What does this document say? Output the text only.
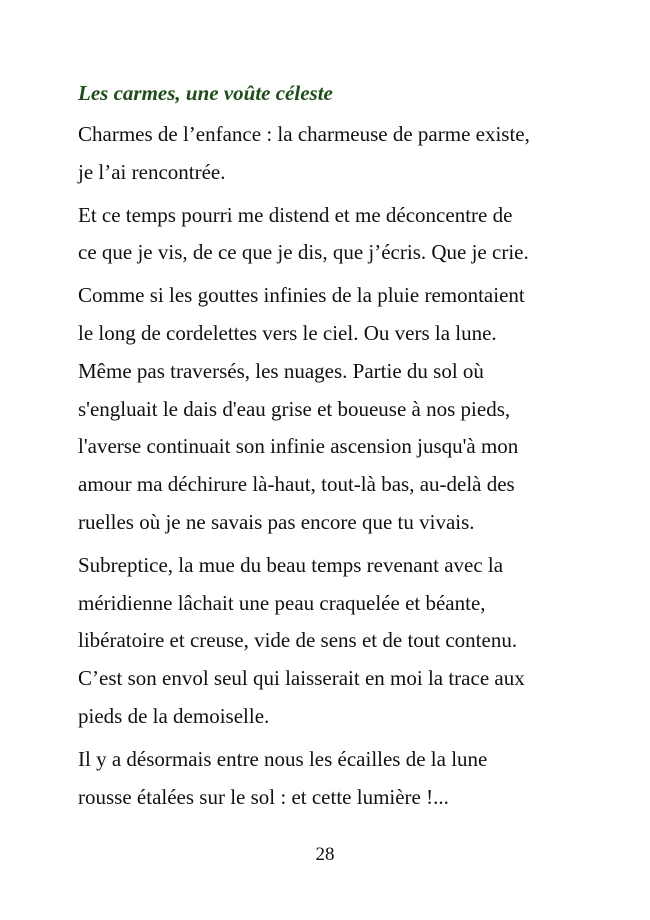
Les carmes, une voûte céleste

Charmes de l’enfance : la charmeuse de parme existe,
je l’ai rencontrée.

Et ce temps pourri me distend et me déconcentre de
ce que je vis, de ce que je dis, que j’écris. Que je crie.

Comme si les gouttes infinies de la pluie remontaient
le long de cordelettes vers le ciel. Ou vers la lune.
Même pas traversés, les nuages. Partie du sol où
s'engluait le dais d'eau grise et boueuse à nos pieds,
l'averse continuait son infinie ascension jusqu'à mon
amour ma déchirure là-haut, tout-là bas, au-delà des
ruelles où je ne savais pas encore que tu vivais.

Subreptice, la mue du beau temps revenant avec la
méridienne lâchait une peau craquelée et béante,
libératoire et creuse, vide de sens et de tout contenu.
C’est son envol seul qui laisserait en moi la trace aux
pieds de la demoiselle.

Il y a désormais entre nous les écailles de la lune
rousse étalées sur le sol : et cette lumière !...

28
